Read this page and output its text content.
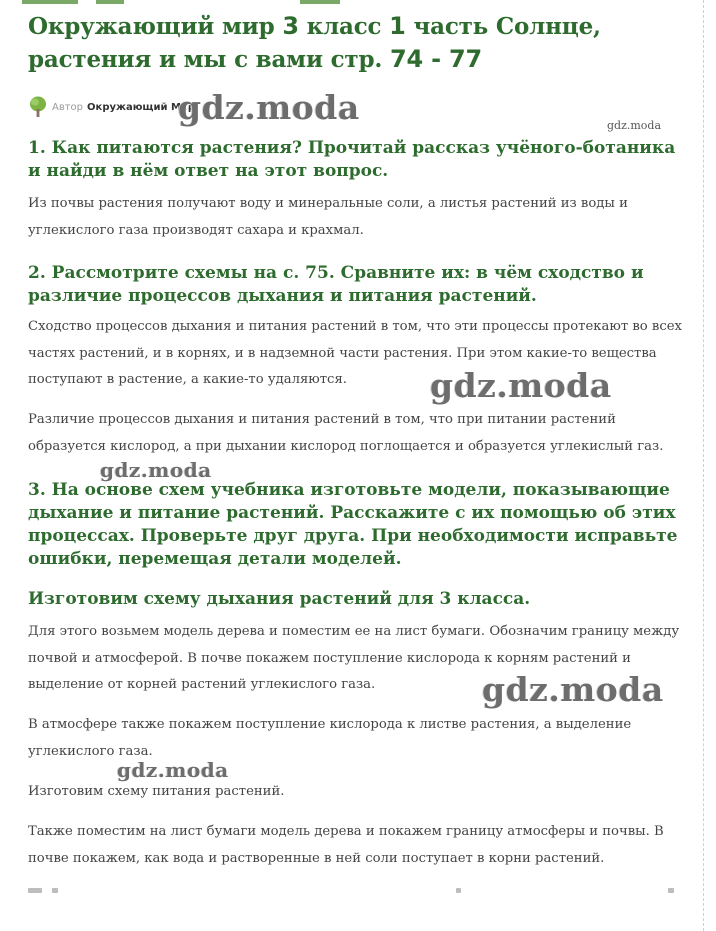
Окружающий мир 3 класс 1 часть Солнце, растения и мы с вами стр. 74 - 77
Автор Окружающий Мир

1. Как питаются растения? Прочитай рассказ учёного-ботаника и найди в нём ответ на этот вопрос.

Из почвы растения получают воду и минеральные соли, а листья растений из воды и углекислого газа производят сахара и крахмал.

2. Рассмотрите схемы на с. 75. Сравните их: в чём сходство и различие процессов дыхания и питания растений.

Сходство процессов дыхания и питания растений в том, что эти процессы протекают во всех частях растений, и в корнях, и в надземной части растения. При этом какие-то вещества поступают в растение, а какие-то удаляются.

Различие процессов дыхания и питания растений в том, что при питании растений образуется кислород, а при дыхании кислород поглощается и образуется углекислый газ.

3. На основе схем учебника изготовьте модели, показывающие дыхание и питание растений. Расскажите с их помощью об этих процессах. Проверьте друг друга. При необходимости исправьте ошибки, перемещая детали моделей.

Изготовим схему дыхания растений для 3 класса.

Для этого возьмем модель дерева и поместим ее на лист бумаги. Обозначим границу между почвой и атмосферой. В почве покажем поступление кислорода к корням растений и выделение от корней растений углекислого газа.

В атмосфере также покажем поступление кислорода к листве растения, а выделение углекислого газа.

Изготовим схему питания растений.

Также поместим на лист бумаги модель дерева и покажем границу атмосферы и почвы. В почве покажем, как вода и растворенные в ней соли поступает в корни растений.

gdz.moda	gdz.moda
gdz.moda
gdz.moda
gdz.moda
gdz.moda
